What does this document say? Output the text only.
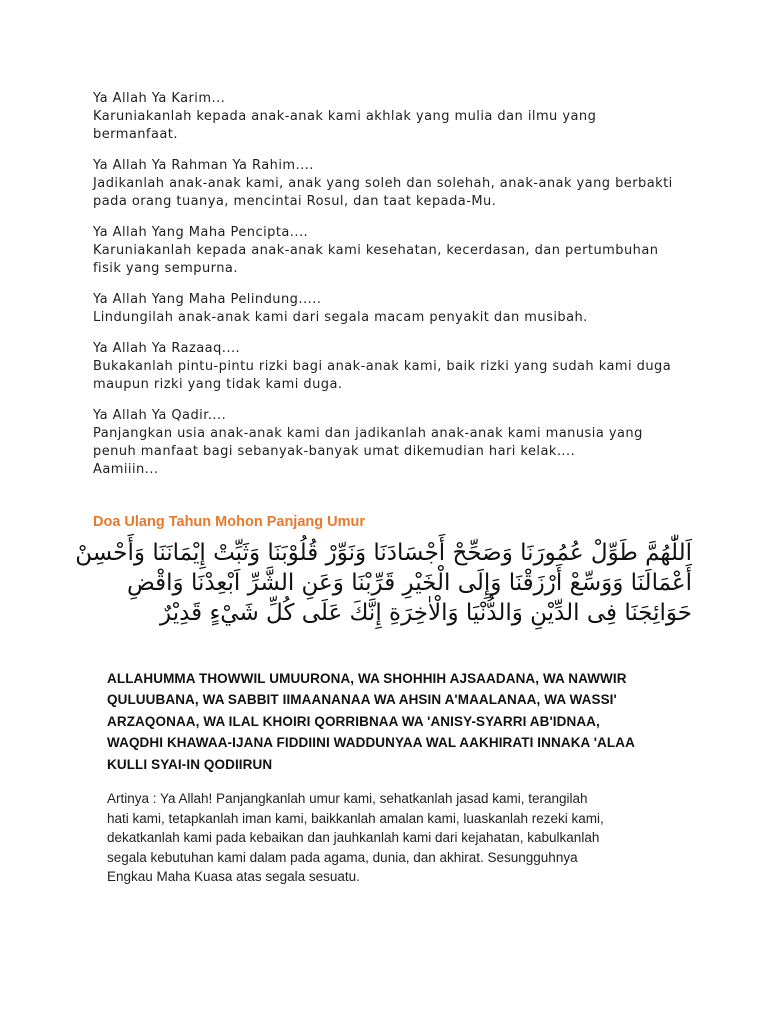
Ya Allah Ya Karim...
Karuniakanlah kepada anak-anak kami akhlak yang mulia dan ilmu yang
bermanfaat.
Ya Allah Ya Rahman Ya Rahim....
Jadikanlah anak-anak kami, anak yang soleh dan solehah, anak-anak yang berbakti
pada orang tuanya, mencintai Rosul, dan taat kepada-Mu.
Ya Allah Yang Maha Pencipta....
Karuniakanlah kepada anak-anak kami kesehatan, kecerdasan, dan pertumbuhan
fisik yang sempurna.
Ya Allah Yang Maha Pelindung.....
Lindungilah anak-anak kami dari segala macam penyakit dan musibah.
Ya Allah Ya Razaaq....
Bukakanlah pintu-pintu rizki bagi anak-anak kami, baik rizki yang sudah kami duga
maupun rizki yang tidak kami duga.
Ya Allah Ya Qadir....
Panjangkan usia anak-anak kami dan jadikanlah anak-anak kami manusia yang
penuh manfaat bagi sebanyak-banyak umat dikemudian hari kelak....
Aamiiin...
Doa Ulang Tahun Mohon Panjang Umur
اَللّٰهُمَّ طَوِّلْ عُمُورَنَا وَصَحِّحْ أَجْسَادَنَا وَنَوِّرْ قُلُوْبَنَا وَثَبِّتْ إِيْمَانَنَا وَأَحْسِنْ
أَعْمَالَنَا وَوَسِّعْ أَرْزَقْنَا وَإِلَى الْخَيْرِ قَرِّبْنَا وَعَنِ الشَّرِّ اَبْعِدْنَا وَاقْضِ
حَوَائِجَنَا فِى الدِّيْنِ وَالدُّنْيَا وَالْاٰخِرَةِ إِنَّكَ عَلَى كُلِّ شَيْءٍ قَدِيْرٌ
ALLAHUMMA THOWWIL UMUURONA, WA SHOHHIH AJSAADANA, WA NAWWIR
QULUUBANA, WA SABBIT IIMAANANAA WA AHSIN A'MAALANAA, WA WASSI'
ARZAQONAA, WA ILAL KHOIRI QORRIBNAA WA 'ANISY-SYARRI AB'IDNAA,
WAQDHI KHAWAA-IJANA FIDDIINI WADDUNYAA WAL AAKHIRATI INNAKA 'ALAA
KULLI SYAI-IN QODIIRUN
Artinya : Ya Allah! Panjangkanlah umur kami, sehatkanlah jasad kami, terangilah
hati kami, tetapkanlah iman kami, baikkanlah amalan kami, luaskanlah rezeki kami,
dekatkanlah kami pada kebaikan dan jauhkanlah kami dari kejahatan, kabulkanlah
segala kebutuhan kami dalam pada agama, dunia, dan akhirat. Sesungguhnya
Engkau Maha Kuasa atas segala sesuatu.
